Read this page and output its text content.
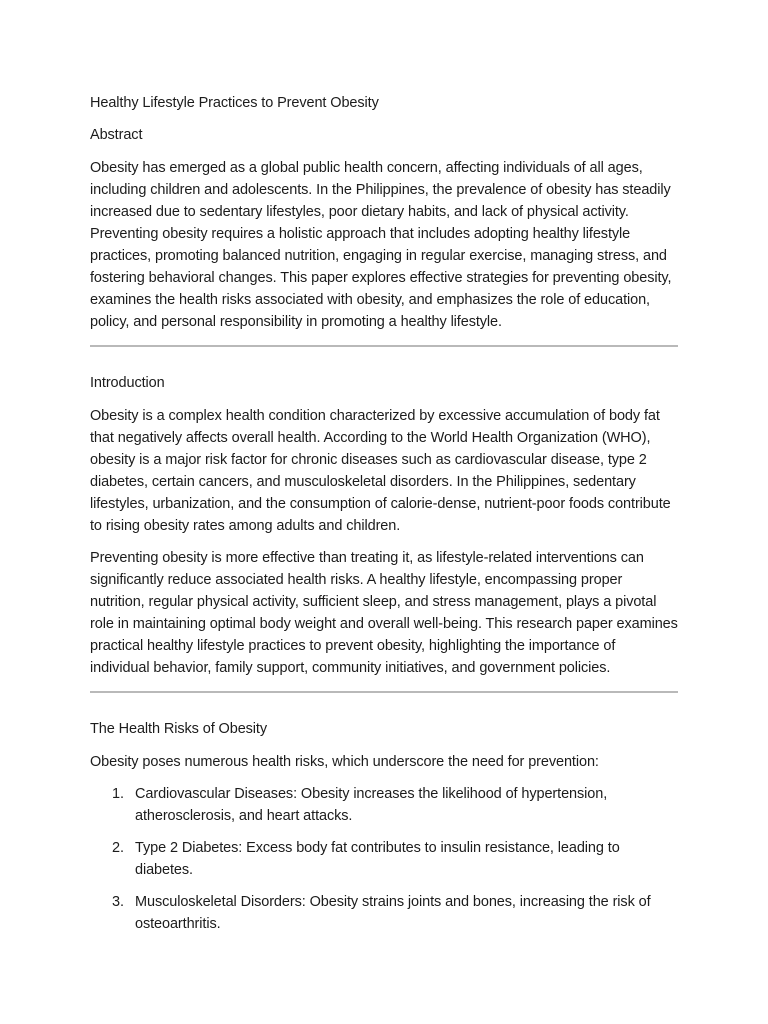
Healthy Lifestyle Practices to Prevent Obesity

Abstract

Obesity has emerged as a global public health concern, affecting individuals of all ages, including children and adolescents. In the Philippines, the prevalence of obesity has steadily increased due to sedentary lifestyles, poor dietary habits, and lack of physical activity. Preventing obesity requires a holistic approach that includes adopting healthy lifestyle practices, promoting balanced nutrition, engaging in regular exercise, managing stress, and fostering behavioral changes. This paper explores effective strategies for preventing obesity, examines the health risks associated with obesity, and emphasizes the role of education, policy, and personal responsibility in promoting a healthy lifestyle.

Introduction

Obesity is a complex health condition characterized by excessive accumulation of body fat that negatively affects overall health. According to the World Health Organization (WHO), obesity is a major risk factor for chronic diseases such as cardiovascular disease, type 2 diabetes, certain cancers, and musculoskeletal disorders. In the Philippines, sedentary lifestyles, urbanization, and the consumption of calorie-dense, nutrient-poor foods contribute to rising obesity rates among adults and children.

Preventing obesity is more effective than treating it, as lifestyle-related interventions can significantly reduce associated health risks. A healthy lifestyle, encompassing proper nutrition, regular physical activity, sufficient sleep, and stress management, plays a pivotal role in maintaining optimal body weight and overall well-being. This research paper examines practical healthy lifestyle practices to prevent obesity, highlighting the importance of individual behavior, family support, community initiatives, and government policies.

The Health Risks of Obesity

Obesity poses numerous health risks, which underscore the need for prevention:

1. Cardiovascular Diseases: Obesity increases the likelihood of hypertension, atherosclerosis, and heart attacks.
2. Type 2 Diabetes: Excess body fat contributes to insulin resistance, leading to diabetes.
3. Musculoskeletal Disorders: Obesity strains joints and bones, increasing the risk of osteoarthritis.
